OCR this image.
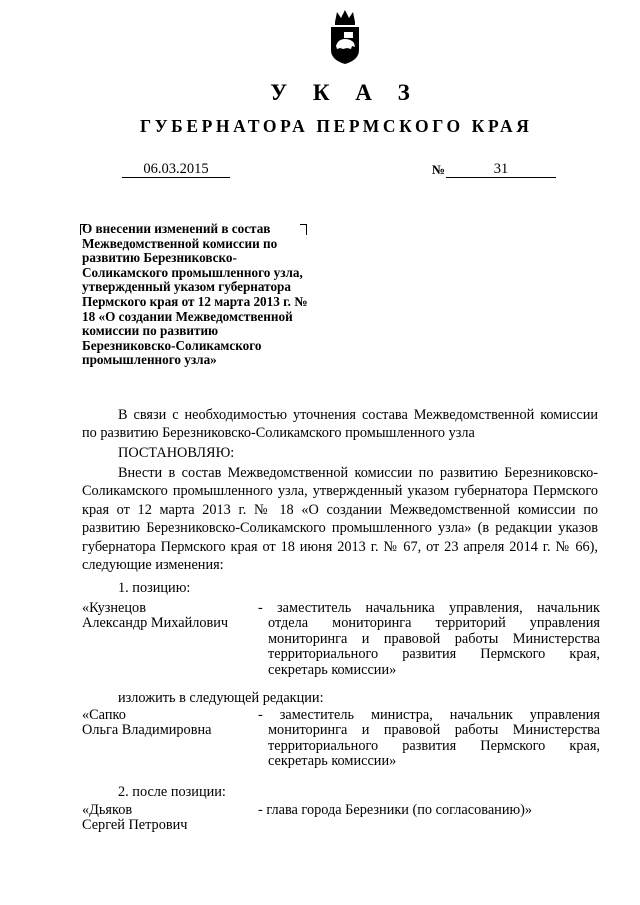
У К А З
ГУБЕРНАТОРА ПЕРМСКОГО КРАЯ
06.03.2015	№	31
О внесении изменений в состав Межведомственной комиссии по развитию Березниковско-Соликамского промышленного узла, утвержденный указом губернатора Пермского края от 12 марта 2013 г. № 18 «О создании Межведомственной комиссии по развитию Березниковско-Соликамского промышленного узла»
В связи с необходимостью уточнения состава Межведомственной комиссии по развитию Березниковско-Соликамского промышленного узла
ПОСТАНОВЛЯЮ:
Внести в состав Межведомственной комиссии по развитию Березниковско-Соликамского промышленного узла, утвержденный указом губернатора Пермского края от 12 марта 2013 г. № 18 «О создании Межведомственной комиссии по развитию Березниковско-Соликамского промышленного узла» (в редакции указов губернатора Пермского края от 18 июня 2013 г. № 67, от 23 апреля 2014 г. № 66), следующие изменения:
1. позицию:
«Кузнецов
Александр Михайлович
- заместитель начальника управления, начальник отдела мониторинга территорий управления мониторинга и правовой работы Министерства территориального развития Пермского края, секретарь комиссии»
изложить в следующей редакции:
«Сапко
Ольга Владимировна
- заместитель министра, начальник управления мониторинга и правовой работы Министерства территориального развития Пермского края, секретарь комиссии»
2. после позиции:
«Дьяков
Сергей Петрович
- глава города Березники (по согласованию)»
